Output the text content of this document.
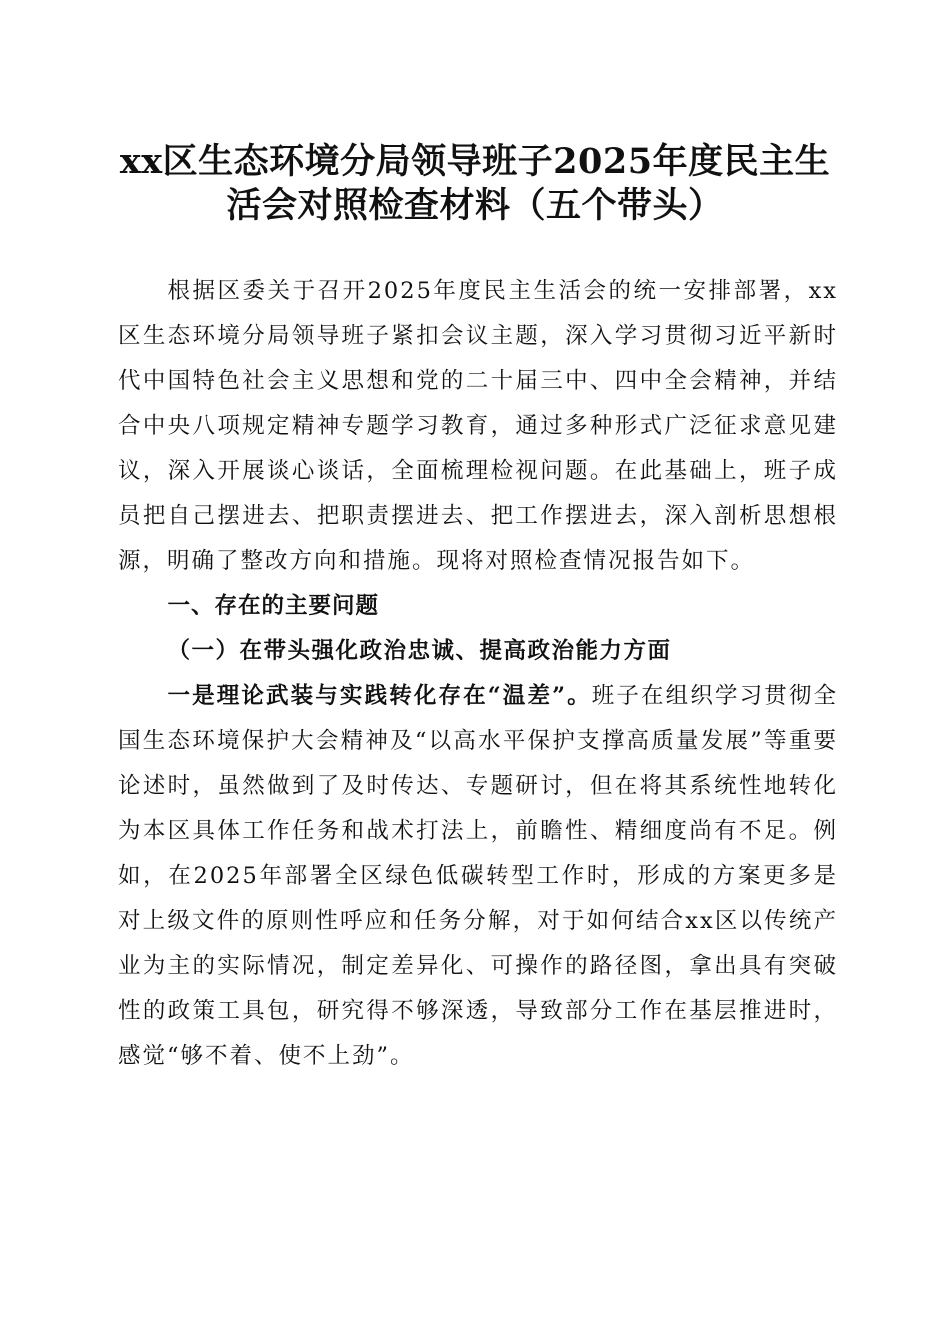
xx区生态环境分局领导班子2025年度民主生
活会对照检查材料（五个带头）

根据区委关于召开2025年度民主生活会的统一安排部署，xx区生态环境分局领导班子紧扣会议主题，深入学习贯彻习近平新时代中国特色社会主义思想和党的二十届三中、四中全会精神，并结合中央八项规定精神专题学习教育，通过多种形式广泛征求意见建议，深入开展谈心谈话，全面梳理检视问题。在此基础上，班子成员把自己摆进去、把职责摆进去、把工作摆进去，深入剖析思想根源，明确了整改方向和措施。现将对照检查情况报告如下。

一、存在的主要问题

（一）在带头强化政治忠诚、提高政治能力方面

一是理论武装与实践转化存在“温差”。班子在组织学习贯彻全国生态环境保护大会精神及“以高水平保护支撑高质量发展”等重要论述时，虽然做到了及时传达、专题研讨，但在将其系统性地转化为本区具体工作任务和战术打法上，前瞻性、精细度尚有不足。例如，在2025年部署全区绿色低碳转型工作时，形成的方案更多是对上级文件的原则性呼应和任务分解，对于如何结合xx区以传统产业为主的实际情况，制定差异化、可操作的路径图，拿出具有突破性的政策工具包，研究得不够深透，导致部分工作在基层推进时，感觉“够不着、使不上劲”。
